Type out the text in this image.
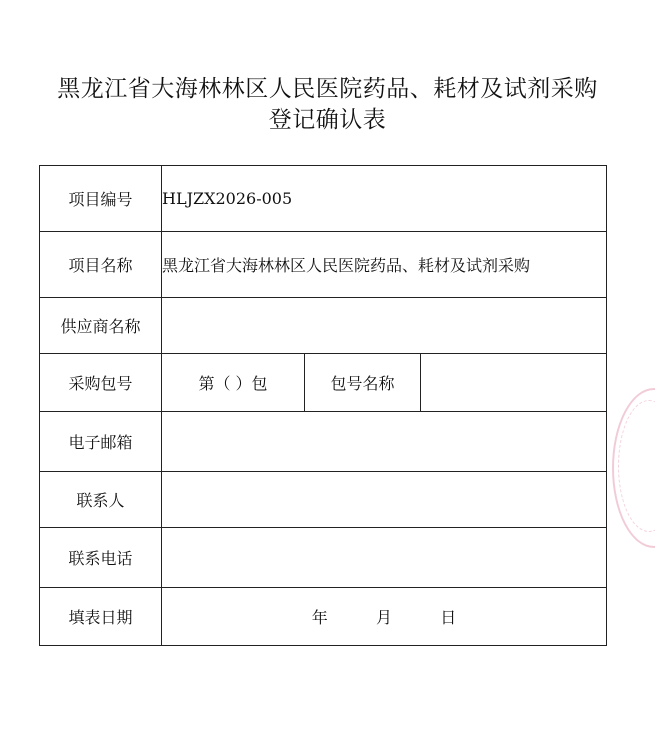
黑龙江省大海林林区人民医院药品、耗材及试剂采购
登记确认表
项目编号	HLJZX2026-005		
项目名称	黑龙江省大海林林区人民医院药品、耗材及试剂采购		
供应商名称			
采购包号	第（ ）包	包号名称	
电子邮箱			
联系人			
联系电话			
填表日期	年 月 日		
